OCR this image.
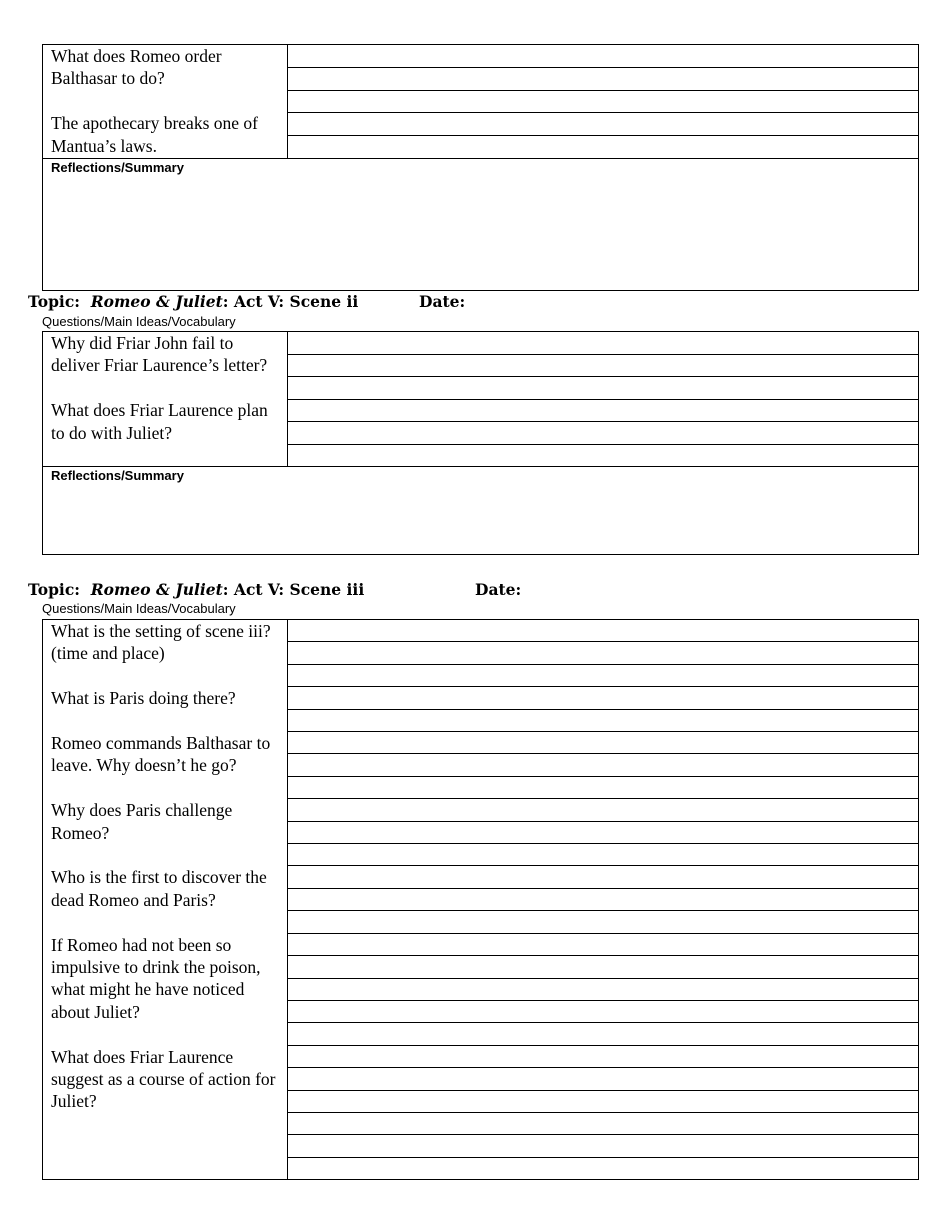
What does Romeo order Balthasar to do?

The apothecary breaks one of Mantua’s laws.

Reflections/Summary
Topic: Romeo & Juliet: Act V: Scene ii	Date:
Questions/Main Ideas/Vocabulary

Why did Friar John fail to deliver Friar Laurence’s letter?

What does Friar Laurence plan to do with Juliet?

Reflections/Summary
Topic: Romeo & Juliet: Act V: Scene iii	Date:
Questions/Main Ideas/Vocabulary

What is the setting of scene iii? (time and place)

What is Paris doing there?

Romeo commands Balthasar to leave. Why doesn’t he go?

Why does Paris challenge Romeo?

Who is the first to discover the dead Romeo and Paris?

If Romeo had not been so impulsive to drink the poison, what might he have noticed about Juliet?

What does Friar Laurence suggest as a course of action for Juliet?
